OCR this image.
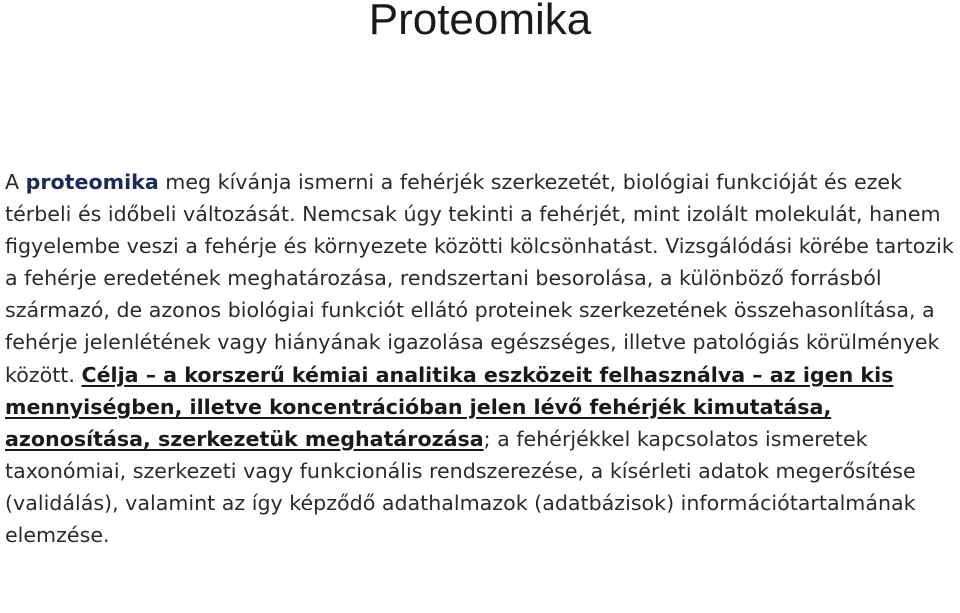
Proteomika

A proteomika meg kívánja ismerni a fehérjék szerkezetét, biológiai funkcióját és ezek térbeli és időbeli változását. Nemcsak úgy tekinti a fehérjét, mint izolált molekulát, hanem figyelembe veszi a fehérje és környezete közötti kölcsönhatást. Vizsgálódási körébe tartozik a fehérje eredetének meghatározása, rendszertani besorolása, a különböző forrásból származó, de azonos biológiai funkciót ellátó proteinek szerkezetének összehasonlítása, a fehérje jelenlétének vagy hiányának igazolása egészséges, illetve patológiás körülmények között. Célja – a korszerű kémiai analitika eszközeit felhasználva – az igen kis mennyiségben, illetve koncentrációban jelen lévő fehérjék kimutatása, azonosítása, szerkezetük meghatározása; a fehérjékkel kapcsolatos ismeretek taxonómiai, szerkezeti vagy funkcionális rendszerezése, a kísérleti adatok megerősítése (validálás), valamint az így képződő adathalmazok (adatbázisok) információtartalmának elemzése.
